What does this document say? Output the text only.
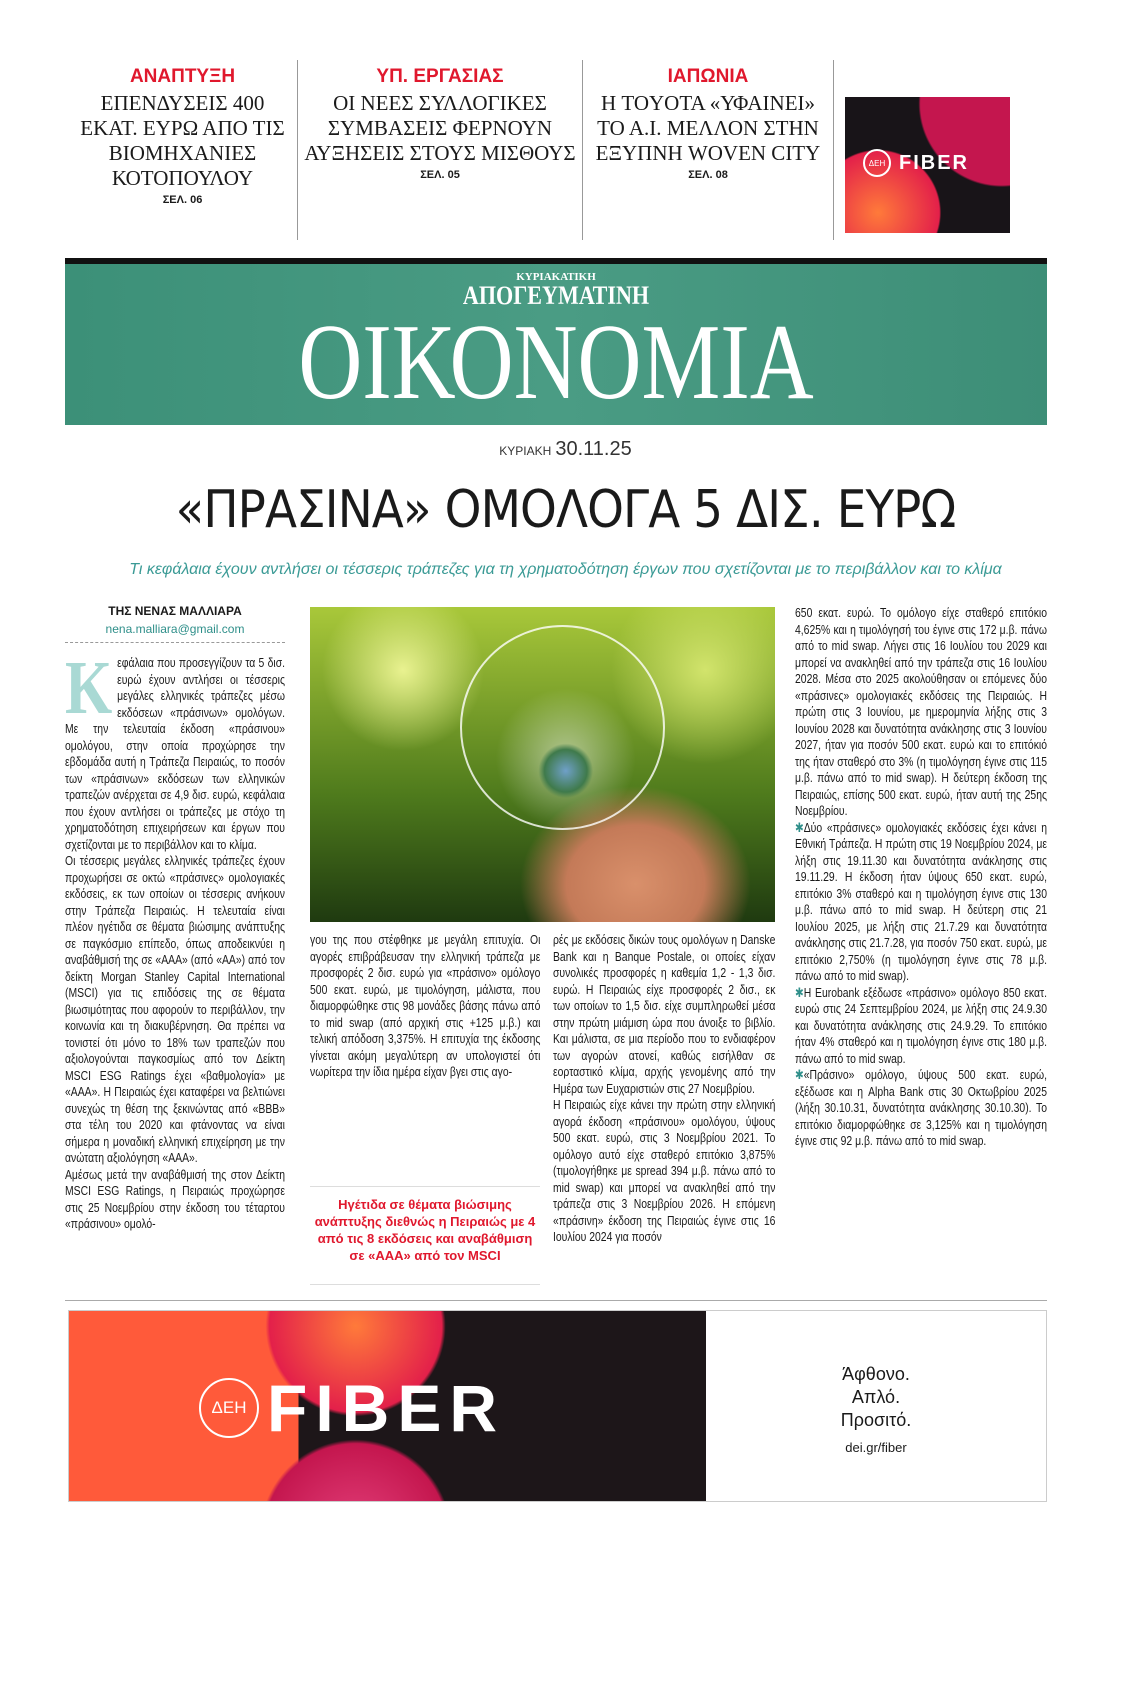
ΑΝΑΠΤΥΞΗ
ΕΠΕΝΔΥΣΕΙΣ 400 ΕΚΑΤ. ΕΥΡΩ ΑΠΟ ΤΙΣ ΒΙΟΜΗΧΑΝΙΕΣ ΚΟΤΟΠΟΥΛΟΥ
ΣΕΛ. 06
ΥΠ. ΕΡΓΑΣΙΑΣ
ΟΙ ΝΕΕΣ ΣΥΛΛΟΓΙΚΕΣ ΣΥΜΒΑΣΕΙΣ ΦΕΡΝΟΥΝ ΑΥΞΗΣΕΙΣ ΣΤΟΥΣ ΜΙΣΘΟΥΣ
ΣΕΛ. 05
ΙΑΠΩΝΙΑ
Η TOYOTA «ΥΦΑΙΝΕΙ» ΤΟ Α.Ι. ΜΕΛΛΟΝ ΣΤΗΝ ΕΞΥΠΝΗ WOVEN CITY
ΣΕΛ. 08
ΔΕΗ FIBER
ΚΥΡΙΑΚΑΤΙΚΗ
ΑΠΟΓΕΥΜΑΤΙΝΗ
ΟΙΚΟΝΟΜΙΑ
ΚΥΡΙΑΚΗ 30.11.25
«ΠΡΑΣΙΝΑ» ΟΜΟΛΟΓΑ 5 ΔΙΣ. ΕΥΡΩ
Τι κεφάλαια έχουν αντλήσει οι τέσσερις τράπεζες για τη χρηματοδότηση έργων που σχετίζονται με το περιβάλλον και το κλίμα
ΤΗΣ ΝΕΝΑΣ ΜΑΛΛΙΑΡΑ
nena.malliara@gmail.com
Κ εφάλαια που προσεγγίζουν τα 5 δισ. ευρώ έχουν αντλήσει οι τέσσερις μεγάλες ελληνικές τράπεζες μέσω εκδόσεων «πράσινων» ομολόγων. Με την τελευταία έκδοση «πράσινου» ομολόγου, στην οποία προχώρησε την εβδομάδα αυτή η Τράπεζα Πειραιώς, το ποσόν των «πράσινων» εκδόσεων των ελληνικών τραπεζών ανέρχεται σε 4,9 δισ. ευρώ, κεφάλαια που έχουν αντλήσει οι τράπεζες με στόχο τη χρηματοδότηση επιχειρήσεων και έργων που σχετίζονται με το περιβάλλον και το κλίμα.

Οι τέσσερις μεγάλες ελληνικές τράπεζες έχουν προχωρήσει σε οκτώ «πράσινες» ομολογιακές εκδόσεις, εκ των οποίων οι τέσσερις ανήκουν στην Τράπεζα Πειραιώς. Η τελευταία είναι πλέον ηγέτιδα σε θέματα βιώσιμης ανάπτυξης σε παγκόσμιο επίπεδο, όπως αποδεικνύει η αναβάθμισή της σε «ΑΑΑ» (από «ΑΑ») από τον δείκτη Morgan Stanley Capital International (MSCI) για τις επιδόσεις της σε θέματα βιωσιμότητας που αφορούν το περιβάλλον, την κοινωνία και τη διακυβέρνηση. Θα πρέπει να τονιστεί ότι μόνο το 18% των τραπεζών που αξιολογούνται παγκοσμίως από τον Δείκτη MSCI ESG Ratings έχει «βαθμολογία» με «ΑΑΑ». Η Πειραιώς έχει καταφέρει να βελτιώνει συνεχώς τη θέση της ξεκινώντας από «ΒΒΒ» στα τέλη του 2020 και φτάνοντας να είναι σήμερα η μοναδική ελληνική επιχείρηση με την ανώτατη αξιολόγηση «ΑΑΑ».

Αμέσως μετά την αναβάθμισή της στον Δείκτη MSCI ESG Ratings, η Πειραιώς προχώρησε στις 25 Νοεμβρίου στην έκδοση του τέταρτου «πράσινου» ομολό-

γου της που στέφθηκε με μεγάλη επιτυχία. Οι αγορές επιβράβευσαν την ελληνική τράπεζα με προσφορές 2 δισ. ευρώ για «πράσινο» ομόλογο 500 εκατ. ευρώ, με τιμολόγηση, μάλιστα, που διαμορφώθηκε στις 98 μονάδες βάσης πάνω από το mid swap (από αρχική στις +125 μ.β.) και τελική απόδοση 3,375%. Η επιτυχία της έκδοσης γίνεται ακόμη μεγαλύτερη αν υπολογιστεί ότι νωρίτερα την ίδια ημέρα είχαν βγει στις αγο-

Ηγέτιδα σε θέματα βιώσιμης ανάπτυξης διεθνώς η Πειραιώς με 4 από τις 8 εκδόσεις και αναβάθμιση σε «ΑΑΑ» από τον MSCI

ρές με εκδόσεις δικών τους ομολόγων η Danske Bank και η Banque Postale, οι οποίες είχαν συνολικές προσφορές η καθεμία 1,2 - 1,3 δισ. ευρώ. Η Πειραιώς είχε προσφορές 2 δισ., εκ των οποίων το 1,5 δισ. είχε συμπληρωθεί μέσα στην πρώτη μιάμιση ώρα που άνοιξε το βιβλίο. Και μάλιστα, σε μια περίοδο που το ενδιαφέρον των αγορών ατονεί, καθώς εισήλθαν σε εορταστικό κλίμα, αρχής γενομένης από την Ημέρα των Ευχαριστιών στις 27 Νοεμβρίου.

Η Πειραιώς είχε κάνει την πρώτη στην ελληνική αγορά έκδοση «πράσινου» ομολόγου, ύψους 500 εκατ. ευρώ, στις 3 Νοεμβρίου 2021. Το ομόλογο αυτό είχε σταθερό επιτόκιο 3,875% (τιμολογήθηκε με spread 394 μ.β. πάνω από το mid swap) και μπορεί να ανακληθεί από την τράπεζα στις 3 Νοεμβρίου 2026. Η επόμενη «πράσινη» έκδοση της Πειραιώς έγινε στις 16 Ιουλίου 2024 για ποσόν

650 εκατ. ευρώ. Το ομόλογο είχε σταθερό επιτόκιο 4,625% και η τιμολόγησή του έγινε στις 172 μ.β. πάνω από το mid swap. Λήγει στις 16 Ιουλίου του 2029 και μπορεί να ανακληθεί από την τράπεζα στις 16 Ιουλίου 2028. Μέσα στο 2025 ακολούθησαν οι επόμενες δύο «πράσινες» ομολογιακές εκδόσεις της Πειραιώς. Η πρώτη στις 3 Ιουνίου, με ημερομηνία λήξης στις 3 Ιουνίου 2028 και δυνατότητα ανάκλησης στις 3 Ιουνίου 2027, ήταν για ποσόν 500 εκατ. ευρώ και το επιτόκιό της ήταν σταθερό στο 3% (η τιμολόγηση έγινε στις 115 μ.β. πάνω από το mid swap). Η δεύτερη έκδοση της Πειραιώς, επίσης 500 εκατ. ευρώ, ήταν αυτή της 25ης Νοεμβρίου.

✱Δύο «πράσινες» ομολογιακές εκδόσεις έχει κάνει η Εθνική Τράπεζα. Η πρώτη στις 19 Νοεμβρίου 2024, με λήξη στις 19.11.30 και δυνατότητα ανάκλησης στις 19.11.29. Η έκδοση ήταν ύψους 650 εκατ. ευρώ, επιτόκιο 3% σταθερό και η τιμολόγηση έγινε στις 130 μ.β. πάνω από το mid swap. Η δεύτερη στις 21 Ιουλίου 2025, με λήξη στις 21.7.29 και δυνατότητα ανάκλησης στις 21.7.28, για ποσόν 750 εκατ. ευρώ, με επιτόκιο 2,750% (η τιμολόγηση έγινε στις 78 μ.β. πάνω από το mid swap).

✱Η Eurobank εξέδωσε «πράσινο» ομόλογο 850 εκατ. ευρώ στις 24 Σεπτεμβρίου 2024, με λήξη στις 24.9.30 και δυνατότητα ανάκλησης στις 24.9.29. Το επιτόκιο ήταν 4% σταθερό και η τιμολόγηση έγινε στις 180 μ.β. πάνω από το mid swap.

✱«Πράσινο» ομόλογο, ύψους 500 εκατ. ευρώ, εξέδωσε και η Alpha Bank στις 30 Οκτωβρίου 2025 (λήξη 30.10.31, δυνατότητα ανάκλησης 30.10.30). Το επιτόκιο διαμορφώθηκε σε 3,125% και η τιμολόγηση έγινε στις 92 μ.β. πάνω από το mid swap.

ΔΕΗ FIBER	Άφθονο.
Απλό.
Προσιτό.
dei.gr/fiber
